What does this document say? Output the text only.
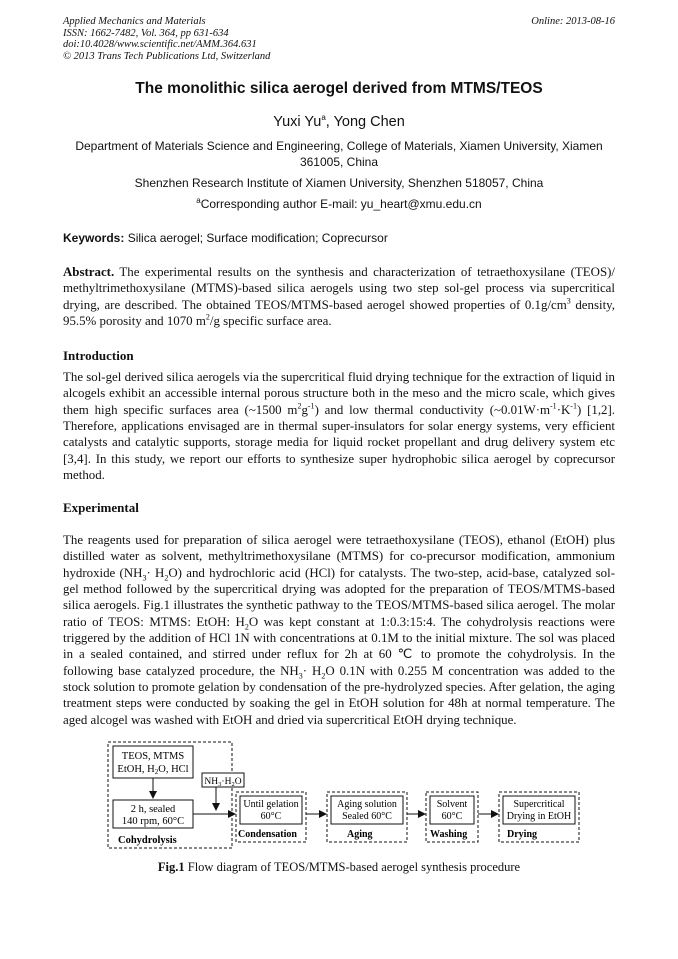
Applied Mechanics and Materials
ISSN: 1662-7482, Vol. 364, pp 631-634
doi:10.4028/www.scientific.net/AMM.364.631
© 2013 Trans Tech Publications Ltd, Switzerland
Online: 2013-08-16
The monolithic silica aerogel derived from MTMS/TEOS
Yuxi Yu$^a$, Yong Chen
Department of Materials Science and Engineering, College of Materials, Xiamen University, Xiamen 361005, China
Shenzhen Research Institute of Xiamen University, Shenzhen 518057, China
$^a$Corresponding author E-mail: yu_heart@xmu.edu.cn
Keywords: Silica aerogel; Surface modification; Coprecursor

Abstract. The experimental results on the synthesis and characterization of tetraethoxysilane (TEOS)/ methyltrimethoxysilane (MTMS)-based silica aerogels using two step sol-gel process via supercritical drying, are described. The obtained TEOS/MTMS-based aerogel showed properties of $0.1g/cm^3$ density, 95.5% porosity and 1070 $m^2/g$ specific surface area.

Introduction

The sol-gel derived silica aerogels via the supercritical fluid drying technique for the extraction of liquid in alcogels exhibit an accessible internal porous structure both in the meso and the micro scale, which gives them high specific surfaces area (~1500 $m^2g^{-1}$) and low thermal conductivity $(\sim 0.01W\cdot m^{-1}\cdot K^{-1})$ [1,2]. Therefore, applications envisaged are in thermal super-insulators for solar energy systems, very efficient catalysts and catalytic supports, storage media for liquid rocket propellant and drug delivery system etc [3,4]. In this study, we report our efforts to synthesize super hydrophobic silica aerogel by coprecursor method.

Experimental

The reagents used for preparation of silica aerogel were tetraethoxysilane (TEOS), ethanol (EtOH) plus distilled water as solvent, methyltrimethoxysilane (MTMS) for co-precursor modification, ammonium hydroxide $(NH_3\cdot H_2O)$ and hydrochloric acid (HCl) for catalysts. The two-step, acid-base, catalyzed sol-gel method followed by the supercritical drying was adopted for the preparation of TEOS/MTMS-based silica aerogels. Fig.1 illustrates the synthetic pathway to the TEOS/MTMS-based silica aerogel. The molar ratio of TEOS: MTMS: EtOH: $H_2O$ was kept constant at 1:0.3:15:4. The cohydrolysis reactions were triggered by the addition of HCl 1N with concentrations at 0.1M to the initial mixture. The sol was placed in a sealed contained, and stirred under reflux for 2h at 60 ℃ to promote the cohydrolysis. In the following base catalyzed procedure, the $NH_3\cdot H_2O$ 0.1N with 0.255 M concentration was added to the stock solution to promote gelation by condensation of the pre-hydrolyzed species. After gelation, the aging treatment steps were conducted by soaking the gel in EtOH solution for 48h at normal temperature. The aged alcogel was washed with EtOH and dried via supercritical EtOH drying technique.

TEOS, MTMS
EtOH, H2O, HCl
2 h, sealed
140 rpm, 60°C
Cohydrolysis
$NH_3\cdot H_2O$
Until gelation
60°C
Condensation
Aging solution
Sealed 60°C
Aging
Solvent
60°C
Washing
Supercritical
Drying in EtOH
Drying
Fig.1 Flow diagram of TEOS/MTMS-based aerogel synthesis procedure
